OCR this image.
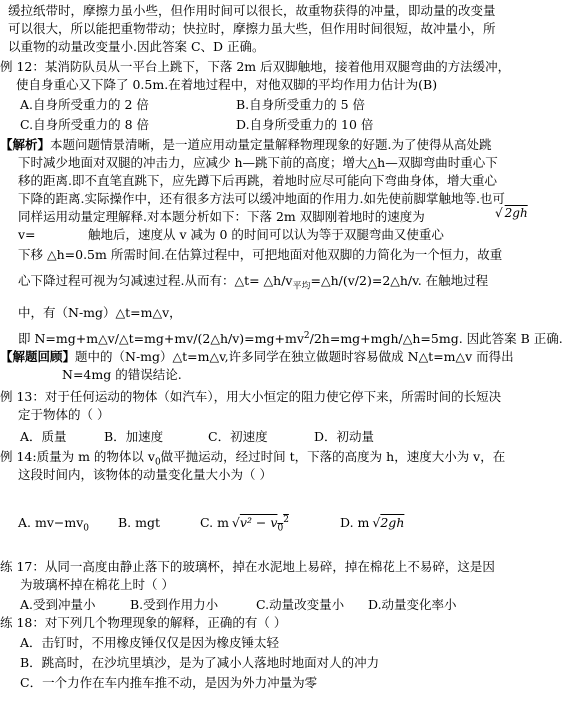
缓拉纸带时，摩擦力虽小些，但作用时间可以很长，故重物获得的冲量，即动量的改变量
可以很大，所以能把重物带动；快拉时，摩擦力虽大些，但作用时间很短，故冲量小，所
以重物的动量改变量小.因此答案 C、D 正确。
例 12：某消防队员从一平台上跳下，下落 2m 后双脚触地，接着他用双腿弯曲的方法缓冲，
使自身重心又下降了 0.5m.在着地过程中，对他双脚的平均作用力估计为(B)
A.自身所受重力的 2 倍	B.自身所受重力的 5 倍
C.自身所受重力的 8 倍	D.自身所受重力的 10 倍
【解析】本题问题情景清晰，是一道应用动量定量解释物理现象的好题.为了使得从高处跳
下时减少地面对双腿的冲击力，应减少 h—跳下前的高度；增大△h—双脚弯曲时重心下
移的距离.即不直笔直跳下，应先蹲下后再跳，着地时应尽可能向下弯曲身体，增大重心
下降的距离.实际操作中，还有很多方法可以缓冲地面的作用力.如先使前脚掌触地等.也可
同样运用动量定理解释.对本题分析如下：下落 2m 双脚刚着地时的速度为	√ 2gh
v=	触地后，速度从 v 减为 0 的时间可以认为等于双腿弯曲又使重心
下移 △h=0.5m 所需时间.在估算过程中，可把地面对他双脚的力简化为一个恒力，故重
心下降过程可视为匀减速过程.从而有：△t= $\triangle h/v_{平均}=\triangle h/(v/2)=2\triangle h/v$. 在触地过程
中，有（N-mg）△t=m△v，
即 $N=mg+m\triangle v/\triangle t=mg+mv/(2\triangle h/v)=mg+mv^2/2h=mg+mgh/\triangle h=5mg$. 因此答案 B 正确.
【解题回顾】题中的（N-mg）△t=m△v,许多同学在独立做题时容易做成 N△t=m△v 而得出
N=4mg 的错误结论.
例 13：对于任何运动的物体（如汽车），用大小恒定的阻力使它停下来，所需时间的长短决
定于物体的（ ）
A．质量	B．加速度	C．初速度	D．初动量
例 14:质量为 m 的物体以 $v_0$做平抛运动，经过时间 t，下落的高度为 h，速度大小为 v，在
这段时间内，该物体的动量变化量大小为（ ）
A. $mv-mv_0$ B. mgt	C. m $√v^2 - v_0^2$	D. m √2gh
练 17：从同一高度由静止落下的玻璃杯，掉在水泥地上易碎，掉在棉花上不易碎，这是因
为玻璃杯掉在棉花上时（ ）
A.受到冲量小	B.受到作用力小	C.动量改变量小 D.动量变化率小
练 18：对下列几个物理现象的解释，正确的有（ ）
A．击钉时，不用橡皮锤仅仅是因为橡皮锤太轻
B．跳高时，在沙坑里填沙，是为了减小人落地时地面对人的冲力
C．一个力作在车内推车推不动，是因为外力冲量为零
